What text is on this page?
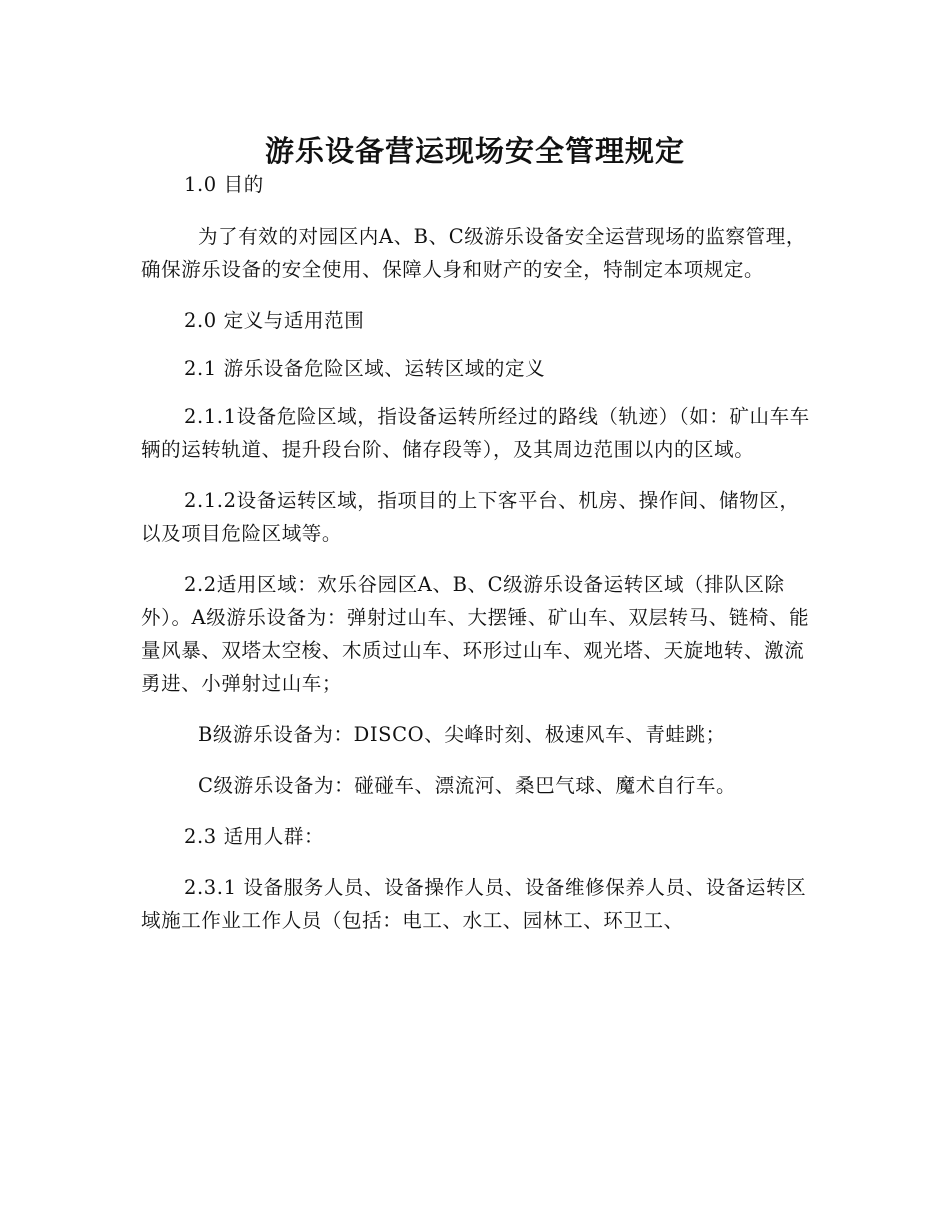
游乐设备营运现场安全管理规定

1.0 目的

为了有效的对园区内A、B、C级游乐设备安全运营现场的监察管理，确保游乐设备的安全使用、保障人身和财产的安全，特制定本项规定。

2.0 定义与适用范围

2.1 游乐设备危险区域、运转区域的定义

2.1.1设备危险区域，指设备运转所经过的路线（轨迹）（如：矿山车车辆的运转轨道、提升段台阶、储存段等），及其周边范围以内的区域。

2.1.2设备运转区域，指项目的上下客平台、机房、操作间、储物区，以及项目危险区域等。

2.2适用区域：欢乐谷园区A、B、C级游乐设备运转区域（排队区除外）。A级游乐设备为：弹射过山车、大摆锤、矿山车、双层转马、链椅、能量风暴、双塔太空梭、木质过山车、环形过山车、观光塔、天旋地转、激流勇进、小弹射过山车；

B级游乐设备为：DISCO、尖峰时刻、极速风车、青蛙跳；

C级游乐设备为：碰碰车、漂流河、桑巴气球、魔术自行车。

2.3 适用人群：

2.3.1 设备服务人员、设备操作人员、设备维修保养人员、设备运转区域施工作业工作人员（包括：电工、水工、园林工、环卫工、
